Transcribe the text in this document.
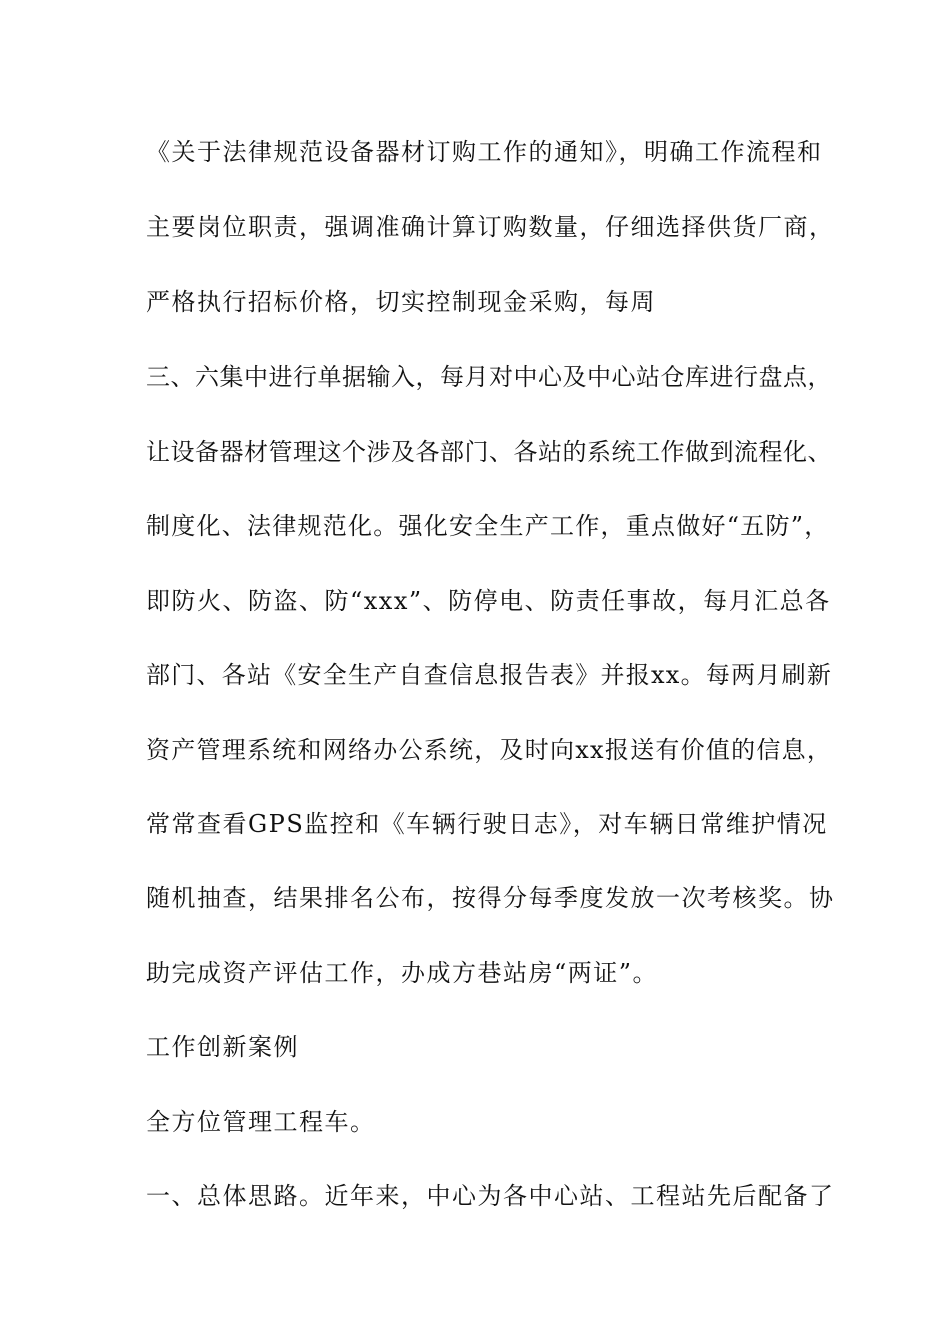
《关于法律规范设备器材订购工作的通知》，明确工作流程和
主要岗位职责，强调准确计算订购数量，仔细选择供货厂商，
严格执行招标价格，切实控制现金采购，每周
三、六集中进行单据输入，每月对中心及中心站仓库进行盘点，
让设备器材管理这个涉及各部门、各站的系统工作做到流程化、
制度化、法律规范化。强化安全生产工作，重点做好“五防”，
即防火、防盗、防“xxx”、防停电、防责任事故，每月汇总各
部门、各站《安全生产自查信息报告表》并报xx。每两月刷新
资产管理系统和网络办公系统，及时向xx报送有价值的信息，
常常查看GPS监控和《车辆行驶日志》，对车辆日常维护情况
随机抽查，结果排名公布，按得分每季度发放一次考核奖。协
助完成资产评估工作，办成方巷站房“两证”。
工作创新案例
全方位管理工程车。
一、总体思路。近年来，中心为各中心站、工程站先后配备了
